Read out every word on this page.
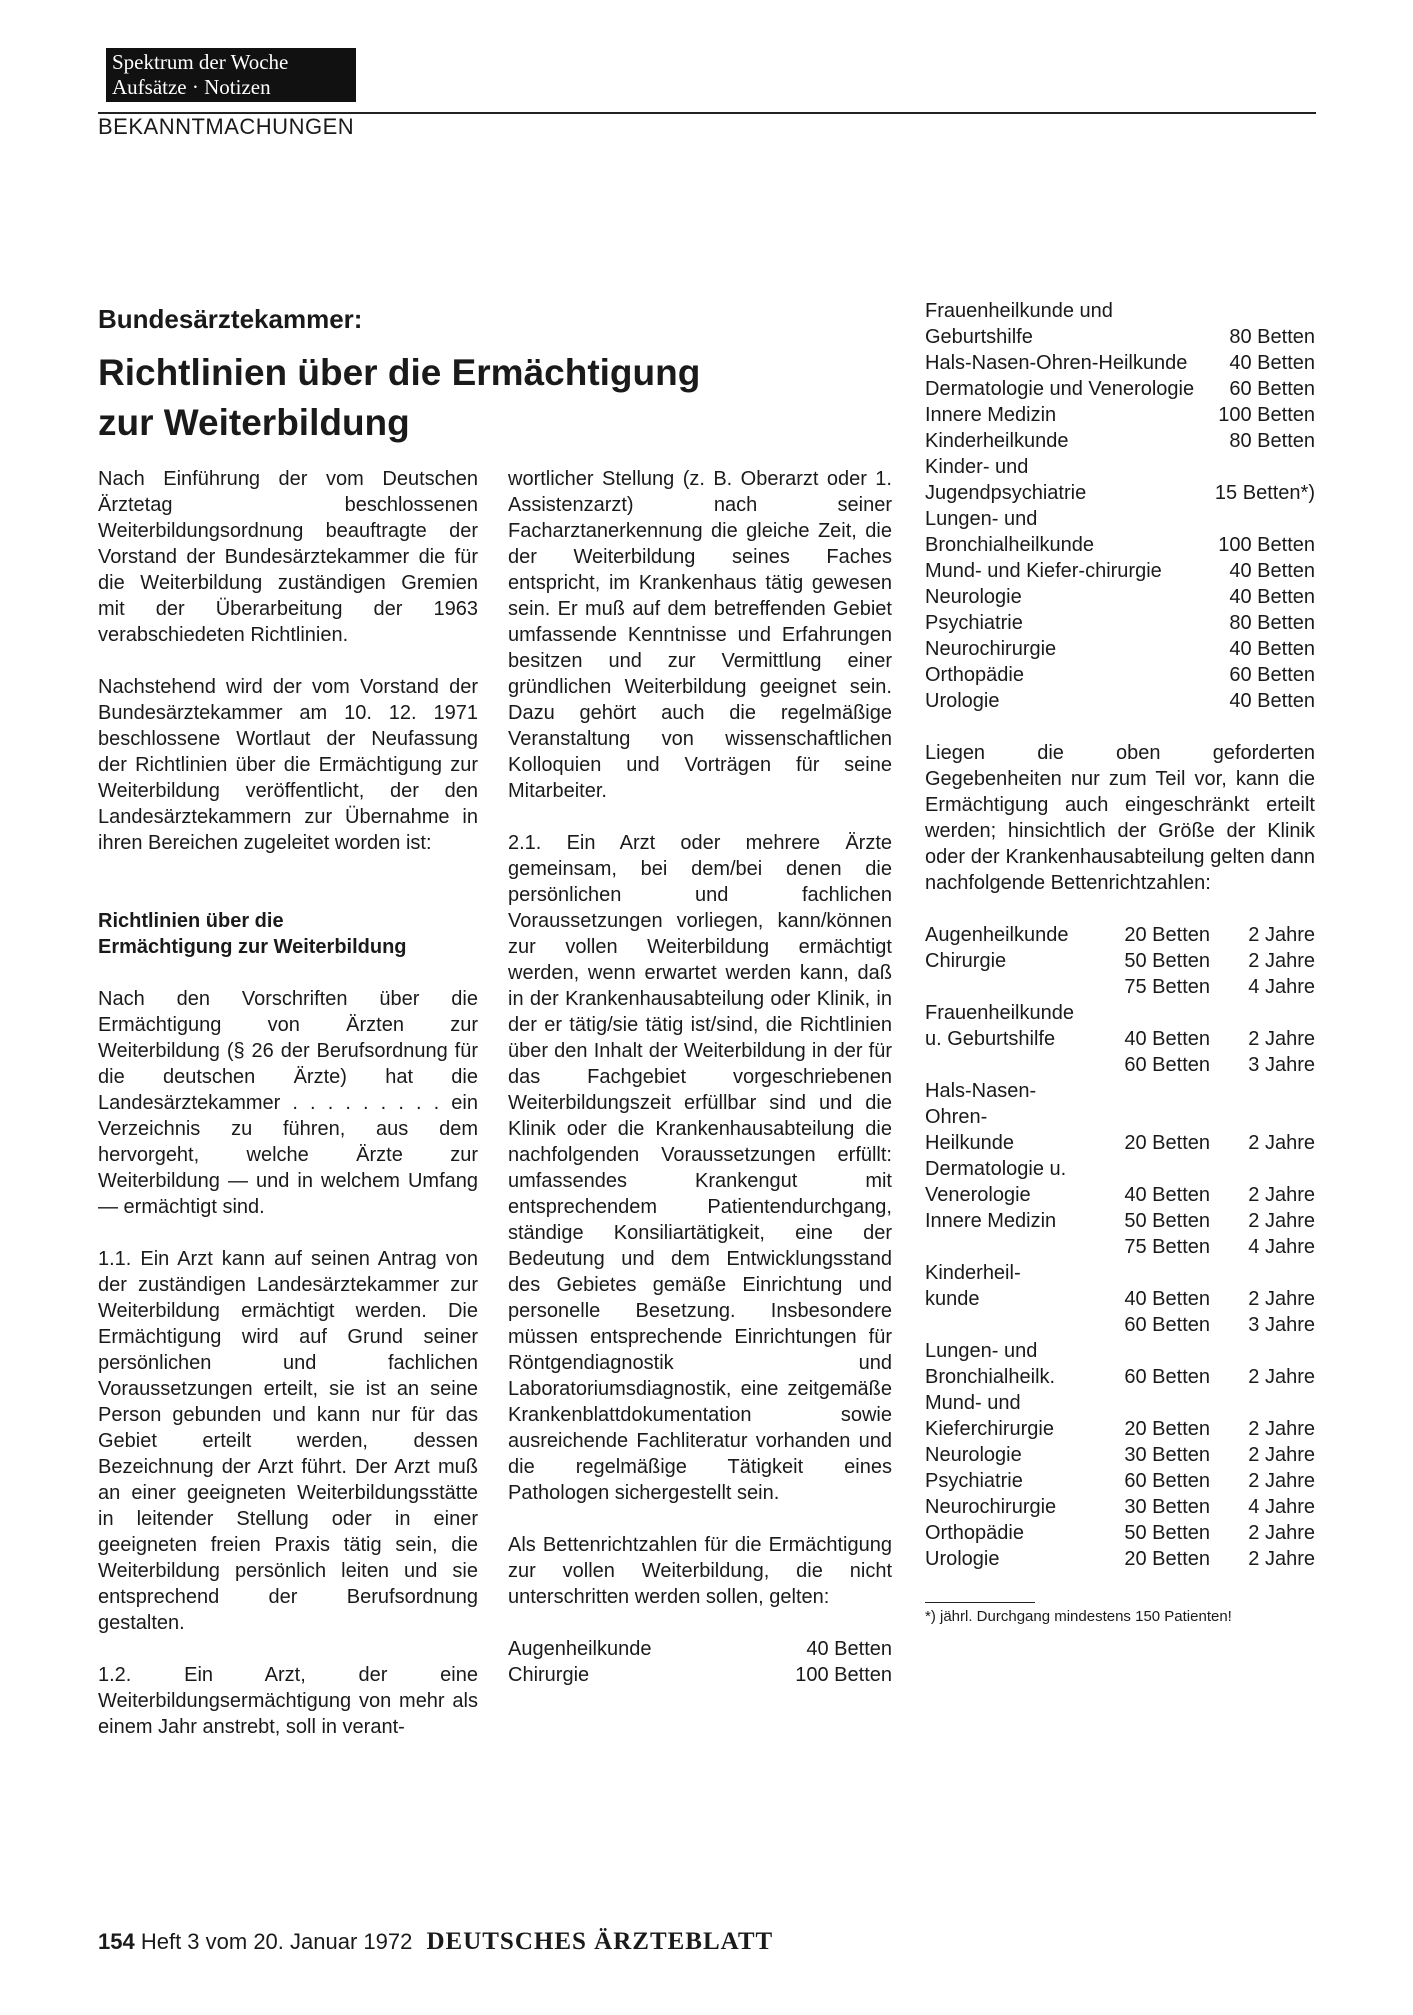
Spektrum der Woche
Aufsätze · Notizen
BEKANNTMACHUNGEN
Bundesärztekammer:
Richtlinien über die Ermächtigung
zur Weiterbildung

Nach Einführung der vom Deutschen Ärztetag beschlossenen Weiterbildungsordnung beauftragte der Vorstand der Bundesärztekammer die für die Weiterbildung zuständigen Gremien mit der Überarbeitung der 1963 verabschiedeten Richtlinien.

Nachstehend wird der vom Vorstand der Bundesärztekammer am 10. 12. 1971 beschlossene Wortlaut der Neufassung der Richtlinien über die Ermächtigung zur Weiterbildung veröffentlicht, der den Landesärztekammern zur Übernahme in ihren Bereichen zugeleitet worden ist:

Richtlinien über die
Ermächtigung zur Weiterbildung

Nach den Vorschriften über die Ermächtigung von Ärzten zur Weiterbildung (§ 26 der Berufsordnung für die deutschen Ärzte) hat die Landesärztekammer . . . . . . . . . ein Verzeichnis zu führen, aus dem hervorgeht, welche Ärzte zur Weiterbildung — und in welchem Umfang — ermächtigt sind.

1.1. Ein Arzt kann auf seinen Antrag von der zuständigen Landesärztekammer zur Weiterbildung ermächtigt werden. Die Ermächtigung wird auf Grund seiner persönlichen und fachlichen Voraussetzungen erteilt, sie ist an seine Person gebunden und kann nur für das Gebiet erteilt werden, dessen Bezeichnung der Arzt führt. Der Arzt muß an einer geeigneten Weiterbildungsstätte in leitender Stellung oder in einer geeigneten freien Praxis tätig sein, die Weiterbildung persönlich leiten und sie entsprechend der Berufsordnung gestalten.

1.2. Ein Arzt, der eine Weiterbildungsermächtigung von mehr als einem Jahr anstrebt, soll in verant-

wortlicher Stellung (z. B. Oberarzt oder 1. Assistenzarzt) nach seiner Facharztanerkennung die gleiche Zeit, die der Weiterbildung seines Faches entspricht, im Krankenhaus tätig gewesen sein. Er muß auf dem betreffenden Gebiet umfassende Kenntnisse und Erfahrungen besitzen und zur Vermittlung einer gründlichen Weiterbildung geeignet sein. Dazu gehört auch die regelmäßige Veranstaltung von wissenschaftlichen Kolloquien und Vorträgen für seine Mitarbeiter.

2.1. Ein Arzt oder mehrere Ärzte gemeinsam, bei dem/bei denen die persönlichen und fachlichen Voraussetzungen vorliegen, kann/können zur vollen Weiterbildung ermächtigt werden, wenn erwartet werden kann, daß in der Krankenhausabteilung oder Klinik, in der er tätig/sie tätig ist/sind, die Richtlinien über den Inhalt der Weiterbildung in der für das Fachgebiet vorgeschriebenen Weiterbildungszeit erfüllbar sind und die Klinik oder die Krankenhausabteilung die nachfolgenden Voraussetzungen erfüllt: umfassendes Krankengut mit entsprechendem Patientendurchgang, ständige Konsiliartätigkeit, eine der Bedeutung und dem Entwicklungsstand des Gebietes gemäße Einrichtung und personelle Besetzung. Insbesondere müssen entsprechende Einrichtungen für Röntgendiagnostik und Laboratoriumsdiagnostik, eine zeitgemäße Krankenblattdokumentation sowie ausreichende Fachliteratur vorhanden und die regelmäßige Tätigkeit eines Pathologen sichergestellt sein.

Als Bettenrichtzahlen für die Ermächtigung zur vollen Weiterbildung, die nicht unterschritten werden sollen, gelten:

Augenheilkunde	40 Betten
Chirurgie	100 Betten
Frauenheilkunde und Geburtshilfe	80 Betten
Hals-Nasen-Ohren-Heilkunde	40 Betten
Dermatologie und Venerologie	60 Betten
Innere Medizin	100 Betten
Kinderheilkunde	80 Betten
Kinder- und Jugendpsychiatrie	15 Betten*)
Lungen- und Bronchialheilkunde	100 Betten
Mund- und Kiefer-chirurgie	40 Betten
Neurologie	40 Betten
Psychiatrie	80 Betten
Neurochirurgie	40 Betten
Orthopädie	60 Betten
Urologie	40 Betten

Liegen die oben geforderten Gegebenheiten nur zum Teil vor, kann die Ermächtigung auch eingeschränkt erteilt werden; hinsichtlich der Größe der Klinik oder der Krankenhausabteilung gelten dann nachfolgende Bettenrichtzahlen:

Augenheilkunde	20 Betten	2 Jahre
Chirurgie	50 Betten	2 Jahre
75 Betten	4 Jahre
Frauenheilkunde
u. Geburtshilfe	40 Betten	2 Jahre
60 Betten	3 Jahre
Hals-Nasen-
Ohren-
Heilkunde	20 Betten	2 Jahre
Dermatologie u.
Venerologie	40 Betten	2 Jahre
Innere Medizin	50 Betten	2 Jahre
75 Betten	4 Jahre
Kinderheil-
kunde	40 Betten	2 Jahre
60 Betten	3 Jahre
Lungen- und
Bronchialheilk.	60 Betten	2 Jahre
Mund- und
Kieferchirurgie	20 Betten	2 Jahre
Neurologie	30 Betten	2 Jahre
Psychiatrie	60 Betten	2 Jahre
Neurochirurgie	30 Betten	4 Jahre
Orthopädie	50 Betten	2 Jahre
Urologie	20 Betten	2 Jahre
*) jährl. Durchgang mindestens 150 Patienten!
154 Heft 3 vom 20. Januar 1972 DEUTSCHES ÄRZTEBLATT
